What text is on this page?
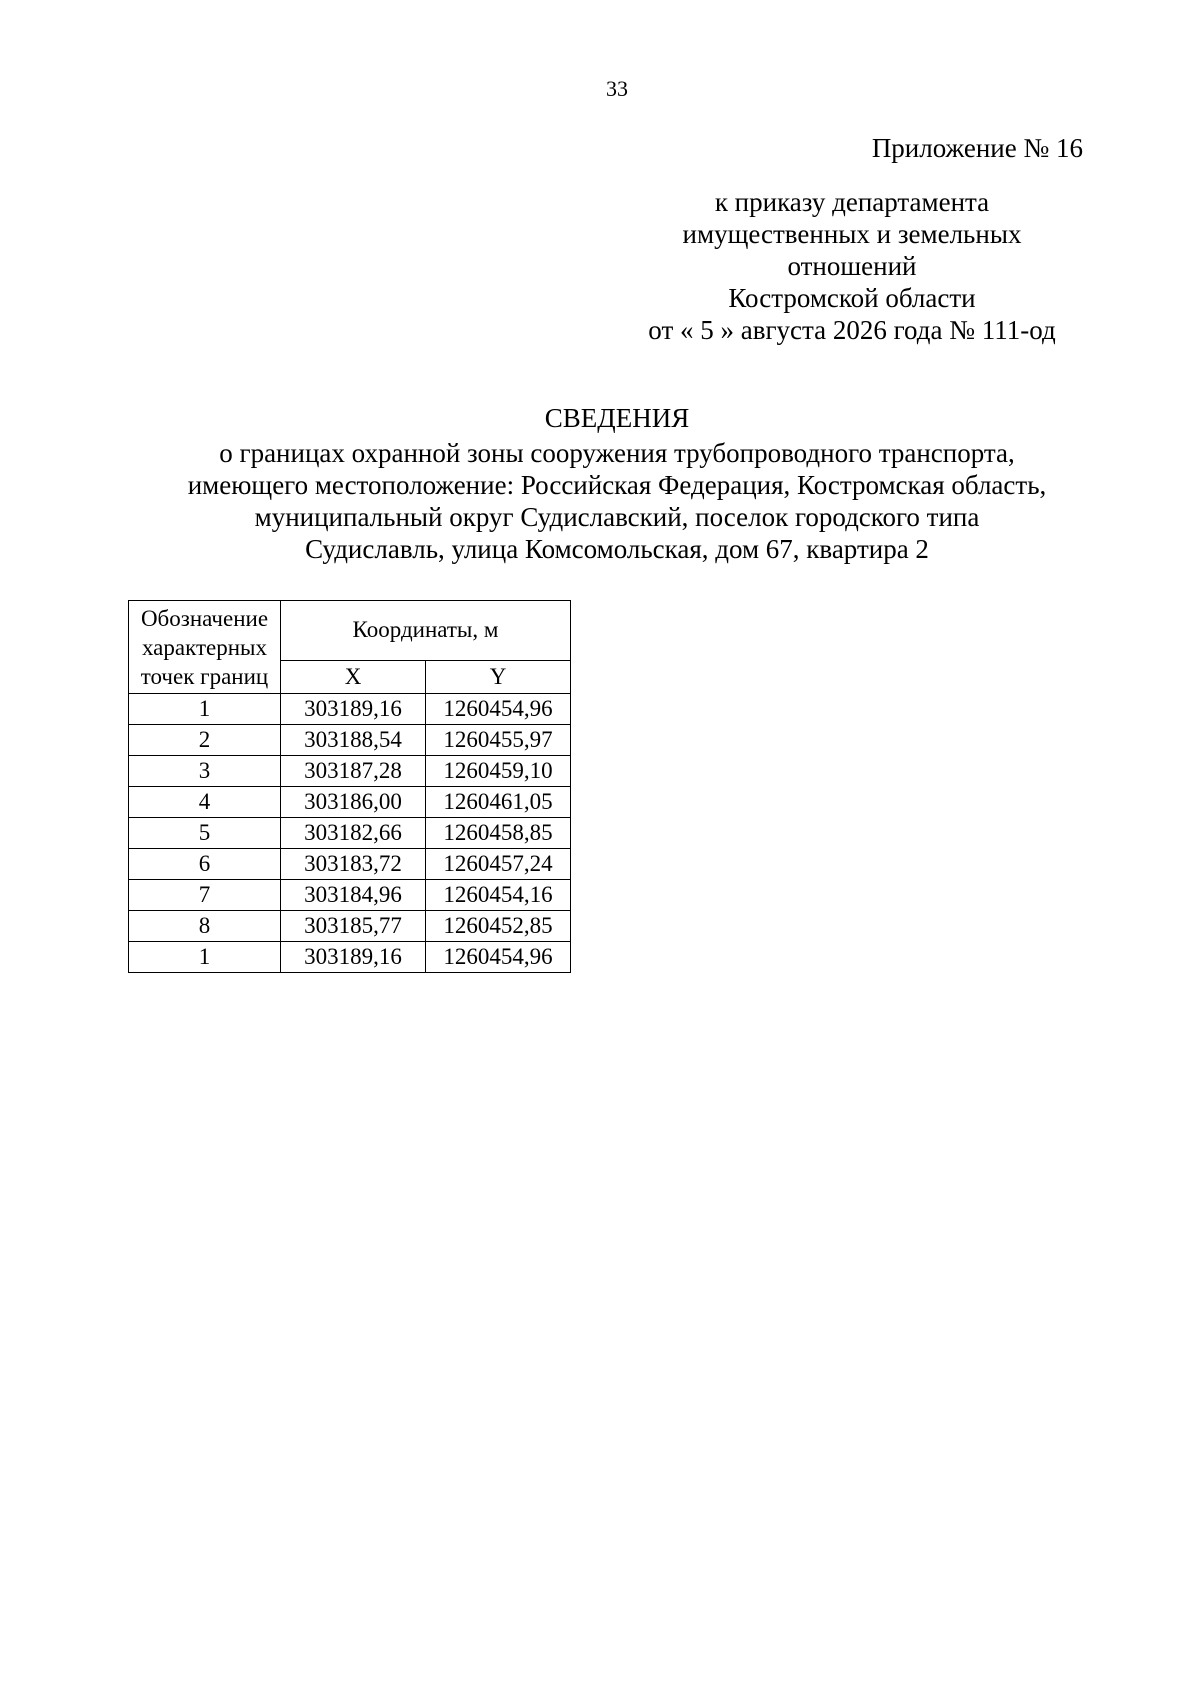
33
Приложение № 16
к приказу департамента
имущественных и земельных
отношений
Костромской области
от « 5 » августа 2026 года № 111-од
СВЕДЕНИЯ
о границах охранной зоны сооружения трубопроводного транспорта,
имеющего местоположение: Российская Федерация, Костромская область,
муниципальный округ Судиславский, поселок городского типа
Судиславль, улица Комсомольская, дом 67, квартира 2
Обозначение характерных точек границ	Координаты, м	
	X	Y
1	303189,16	1260454,96
2	303188,54	1260455,97
3	303187,28	1260459,10
4	303186,00	1260461,05
5	303182,66	1260458,85
6	303183,72	1260457,24
7	303184,96	1260454,16
8	303185,77	1260452,85
1	303189,16	1260454,96
